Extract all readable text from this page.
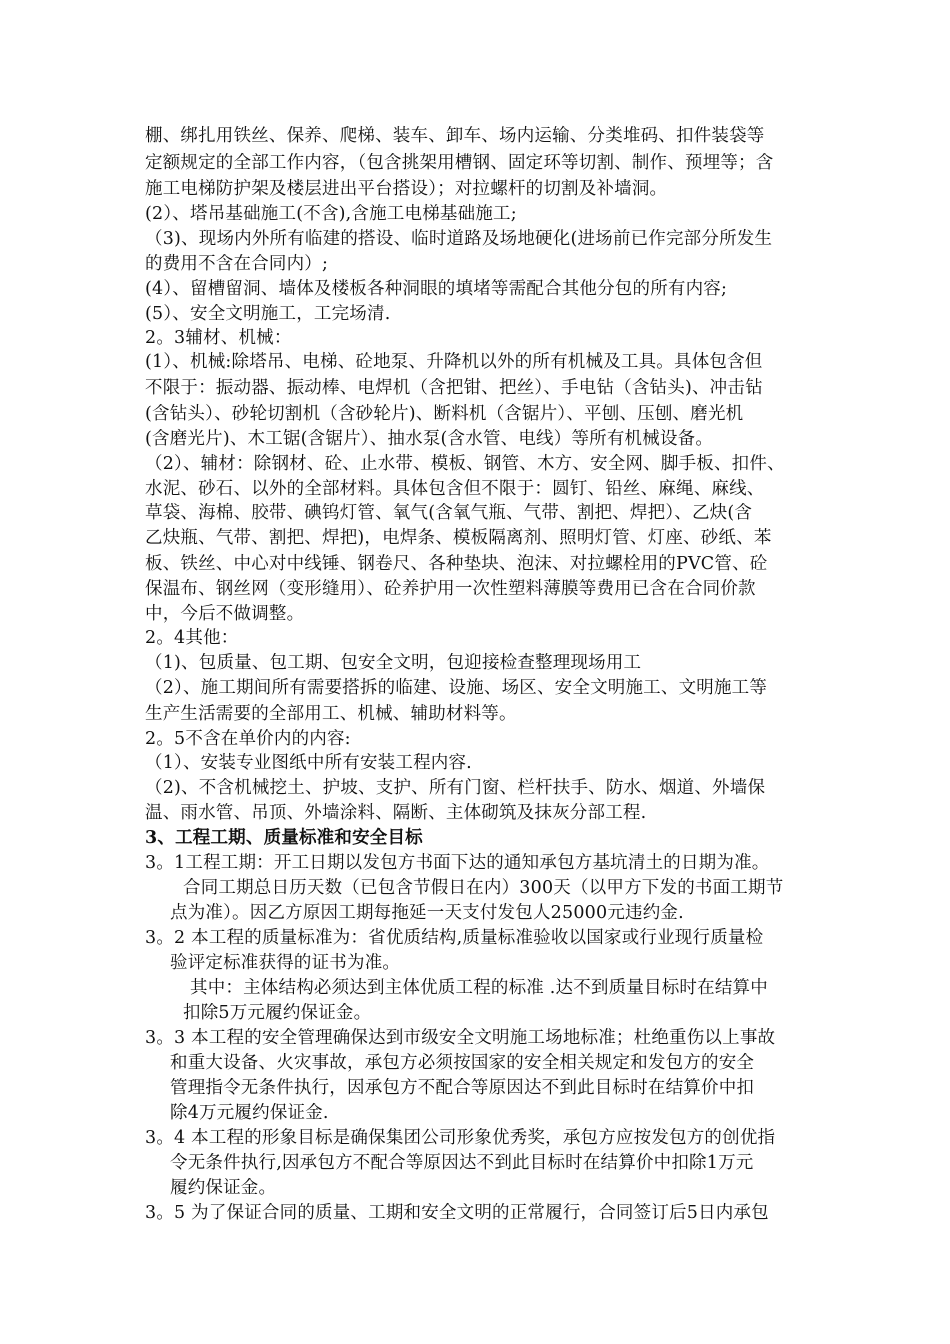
棚、绑扎用铁丝、保养、爬梯、装车、卸车、场内运输、分类堆码、扣件装袋等
定额规定的全部工作内容，（包含挑架用槽钢、固定环等切割、制作、预埋等；含
施工电梯防护架及楼层进出平台搭设）；对拉螺杆的切割及补墙洞。
(2）、塔吊基础施工(不含),含施工电梯基础施工;
（3)、现场内外所有临建的搭设、临时道路及场地硬化(进场前已作完部分所发生
的费用不含在合同内）;
(4）、留槽留洞、墙体及楼板各种洞眼的填堵等需配合其他分包的所有内容;
(5）、安全文明施工，工完场清.
2。3辅材、机械：
(1）、机械:除塔吊、电梯、砼地泵、升降机以外的所有机械及工具。具体包含但
不限于：振动器、振动棒、电焊机（含把钳、把丝）、手电钻（含钻头)、冲击钻
(含钻头）、砂轮切割机（含砂轮片)、断料机（含锯片）、平刨、压刨、磨光机
(含磨光片)、木工锯(含锯片）、抽水泵(含水管、电线）等所有机械设备。
（2）、辅材：除钢材、砼、止水带、模板、钢管、木方、安全网、脚手板、扣件、
水泥、砂石、以外的全部材料。具体包含但不限于：圆钉、铅丝、麻绳、麻线、
草袋、海棉、胶带、碘钨灯管、氧气(含氧气瓶、气带、割把、焊把）、乙炔(含
乙炔瓶、气带、割把、焊把)，电焊条、模板隔离剂、照明灯管、灯座、砂纸、苯
板、铁丝、中心对中线锤、钢卷尺、各种垫块、泡沫、对拉螺栓用的PVC管、砼
保温布、钢丝网（变形缝用）、砼养护用一次性塑料薄膜等费用已含在合同价款
中，今后不做调整。
2。4其他：
（1)、包质量、包工期、包安全文明，包迎接检查整理现场用工
（2）、施工期间所有需要搭拆的临建、设施、场区、安全文明施工、文明施工等
生产生活需要的全部用工、机械、辅助材料等。
2。5不含在单价内的内容:
（1）、安装专业图纸中所有安装工程内容.
（2)、不含机械挖土、护坡、支护、所有门窗、栏杆扶手、防水、烟道、外墙保
温、雨水管、吊顶、外墙涂料、隔断、主体砌筑及抹灰分部工程.
3、工程工期、质量标准和安全目标
3。1工程工期：开工日期以发包方书面下达的通知承包方基坑清土的日期为准。
合同工期总日历天数（已包含节假日在内）300天（以甲方下发的书面工期节
点为准）。因乙方原因工期每拖延一天支付发包人25000元违约金.
3。2 本工程的质量标准为：省优质结构,质量标准验收以国家或行业现行质量检
验评定标准获得的证书为准。
其中：主体结构必须达到主体优质工程的标准 .达不到质量目标时在结算中
扣除5万元履约保证金。
3。3 本工程的安全管理确保达到市级安全文明施工场地标准；杜绝重伤以上事故
和重大设备、火灾事故，承包方必须按国家的安全相关规定和发包方的安全
管理指令无条件执行，因承包方不配合等原因达不到此目标时在结算价中扣
除4万元履约保证金.
3。4 本工程的形象目标是确保集团公司形象优秀奖，承包方应按发包方的创优指
令无条件执行,因承包方不配合等原因达不到此目标时在结算价中扣除1万元
履约保证金。
3。5 为了保证合同的质量、工期和安全文明的正常履行，合同签订后5日内承包
